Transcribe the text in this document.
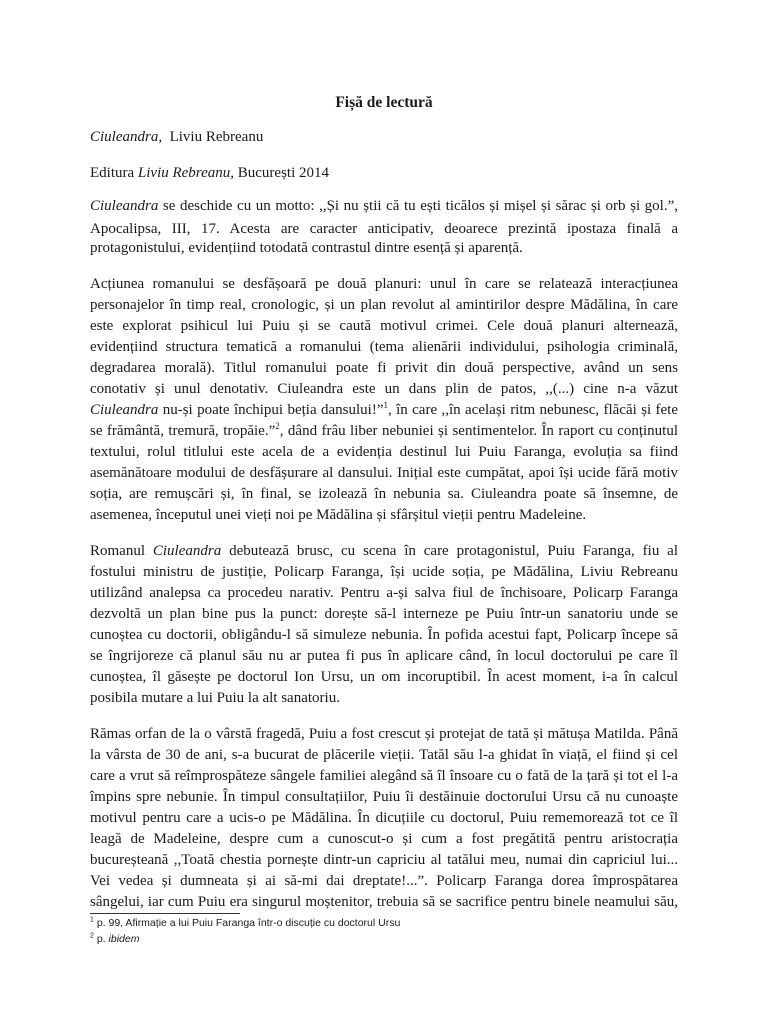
Fișă de lectură

Ciuleandra, Liviu Rebreanu

Editura Liviu Rebreanu, București 2014

Ciuleandra se deschide cu un motto: ,,Și nu știi că tu ești ticălos și mișel și sărac și orb și gol.”,

Apocalipsa, III, 17. Acesta are caracter anticipativ, deoarece prezintă ipostaza finală a

protagonistului, evidențiind totodată contrastul dintre esență și aparență.

Acțiunea romanului se desfășoară pe două planuri: unul în care se relatează interacțiunea

personajelor în timp real, cronologic, și un plan revolut al amintirilor despre Mădălina, în care

este explorat psihicul lui Puiu și se caută motivul crimei. Cele două planuri alternează,

evidențiind structura tematică a romanului (tema alienării individului, psihologia criminală,

degradarea morală). Titlul romanului poate fi privit din două perspective, având un sens

conotativ și unul denotativ. Ciuleandra este un dans plin de patos, ,,(...) cine n-a văzut

Ciuleandra nu-și poate închipui beția dansului!”$^1$, în care ,,în același ritm nebunesc, flăcăi și fete

se frământă, tremură, tropăie.”$^2$, dând frâu liber nebuniei și sentimentelor. În raport cu conținutul

textului, rolul titlului este acela de a evidenția destinul lui Puiu Faranga, evoluția sa fiind

asemănătoare modului de desfășurare al dansului. Inițial este cumpătat, apoi își ucide fără motiv

soția, are remușcări și, în final, se izolează în nebunia sa. Ciuleandra poate să însemne, de

asemenea, începutul unei vieți noi pe Mădălina și sfârșitul vieții pentru Madeleine.

Romanul Ciuleandra debutează brusc, cu scena în care protagonistul, Puiu Faranga, fiu al

fostului ministru de justiție, Policarp Faranga, își ucide soția, pe Mădălina, Liviu Rebreanu

utilizând analepsa ca procedeu narativ. Pentru a-și salva fiul de închisoare, Policarp Faranga

dezvoltă un plan bine pus la punct: dorește să-l interneze pe Puiu într-un sanatoriu unde se

cunoștea cu doctorii, obligându-l să simuleze nebunia. În pofida acestui fapt, Policarp începe să

se îngrijoreze că planul său nu ar putea fi pus în aplicare când, în locul doctorului pe care îl

cunoștea, îl găsește pe doctorul Ion Ursu, un om incoruptibil. În acest moment, i-a în calcul

posibila mutare a lui Puiu la alt sanatoriu.

Rămas orfan de la o vârstă fragedă, Puiu a fost crescut și protejat de tată și mătușa Matilda. Până

la vârsta de 30 de ani, s-a bucurat de plăcerile vieții. Tatăl său l-a ghidat în viață, el fiind și cel

care a vrut să reîmprospăteze sângele familiei alegând să îl însoare cu o fată de la țară și tot el l-a

împins spre nebunie. În timpul consultațiilor, Puiu îi destăinuie doctorului Ursu că nu cunoaște

motivul pentru care a ucis-o pe Mădălina. În dicuțiile cu doctorul, Puiu rememorează tot ce îl

leagă de Madeleine, despre cum a cunoscut-o și cum a fost pregătită pentru aristocrația

bucureșteană ,,Toată chestia pornește dintr-un capriciu al tatălui meu, numai din capriciul lui...

Vei vedea și dumneata și ai să-mi dai dreptate!...”. Policarp Faranga dorea împrospătarea

sângelui, iar cum Puiu era singurul moștenitor, trebuia să se sacrifice pentru binele neamului său,

$^1$ p. 99, Afirmație a lui Puiu Faranga într-o discuție cu doctorul Ursu

$^2$ p. ibidem
